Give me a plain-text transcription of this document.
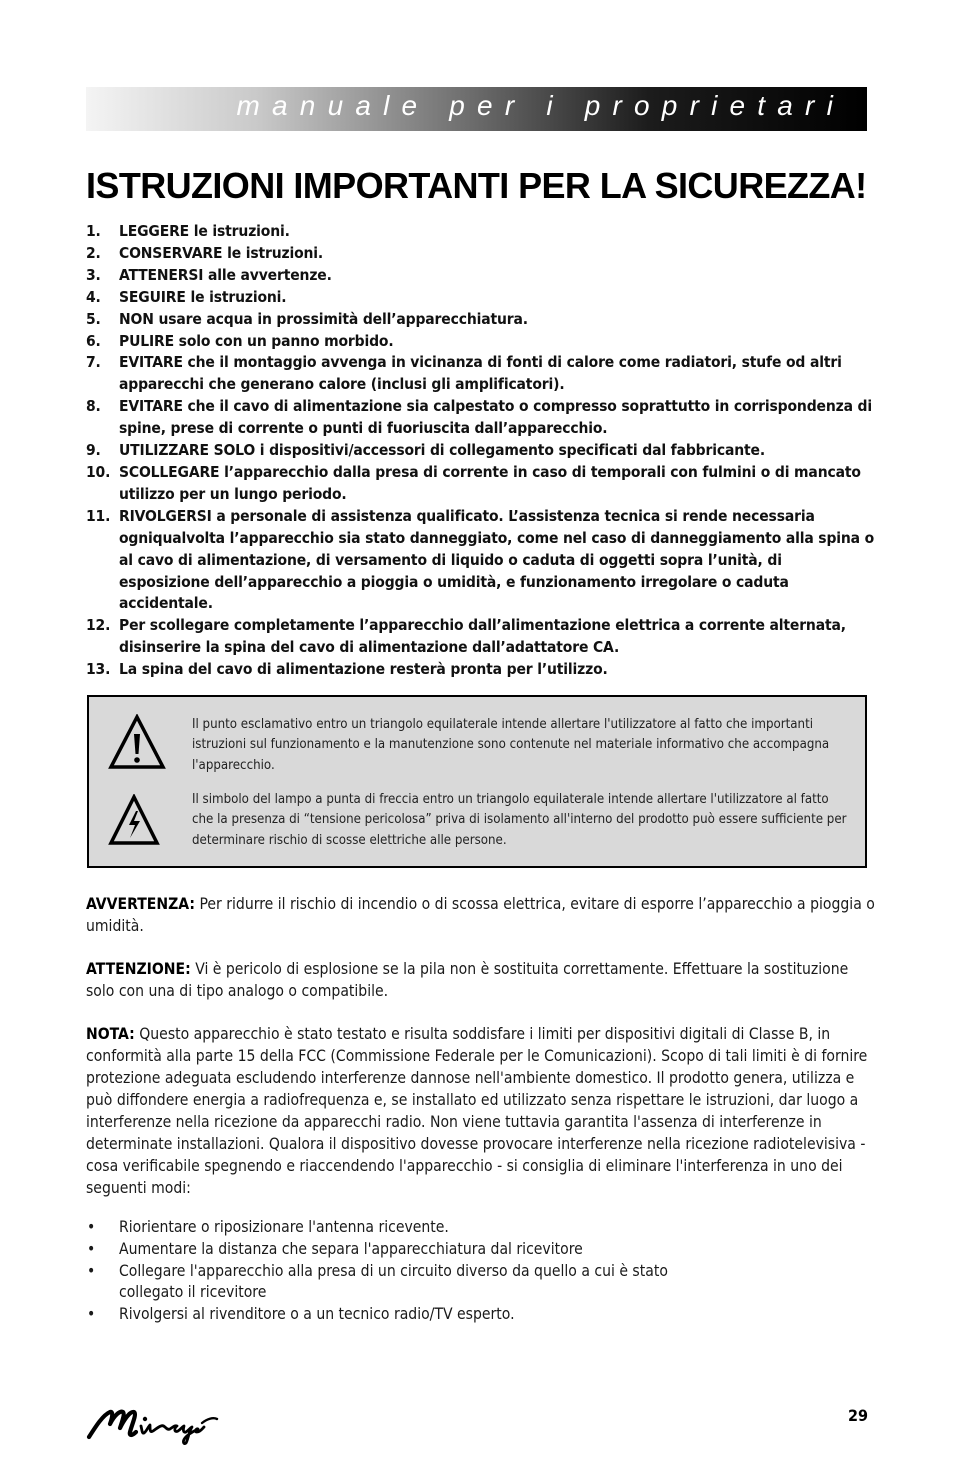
manuale per i proprietari
ISTRUZIONI IMPORTANTI PER LA SICUREZZA!
1. LEGGERE le istruzioni.
2. CONSERVARE le istruzioni.
3. ATTENERSI alle avvertenze.
4. SEGUIRE le istruzioni.
5. NON usare acqua in prossimità dell’apparecchiatura.
6. PULIRE solo con un panno morbido.
7. EVITARE che il montaggio avvenga in vicinanza di fonti di calore come radiatori, stufe od altri apparecchi che generano calore (inclusi gli amplificatori).
8. EVITARE che il cavo di alimentazione sia calpestato o compresso soprattutto in corrispondenza di spine, prese di corrente o punti di fuoriuscita dall’apparecchio.
9. UTILIZZARE SOLO i dispositivi/accessori di collegamento specificati dal fabbricante.
10. SCOLLEGARE l’apparecchio dalla presa di corrente in caso di temporali con fulmini o di mancato utilizzo per un lungo periodo.
11. RIVOLGERSI a personale di assistenza qualificato. L’assistenza tecnica si rende necessaria ogniqualvolta l’apparecchio sia stato danneggiato, come nel caso di danneggiamento alla spina o al cavo di alimentazione, di versamento di liquido o caduta di oggetti sopra l’unità, di esposizione dell’apparecchio a pioggia o umidità, e funzionamento irregolare o caduta accidentale.
12. Per scollegare completamente l’apparecchio dall’alimentazione elettrica a corrente alternata, disinserire la spina del cavo di alimentazione dall’adattatore CA.
13. La spina del cavo di alimentazione resterà pronta per l’utilizzo.
Il punto esclamativo entro un triangolo equilaterale intende allertare l'utilizzatore al fatto che importanti istruzioni sul funzionamento e la manutenzione sono contenute nel materiale informativo che accompagna l'apparecchio.
Il simbolo del lampo a punta di freccia entro un triangolo equilaterale intende allertare l'utilizzatore al fatto che la presenza di “tensione pericolosa” priva di isolamento all'interno del prodotto può essere sufficiente per determinare rischio di scosse elettriche alle persone.

AVVERTENZA: Per ridurre il rischio di incendio o di scossa elettrica, evitare di esporre l’apparecchio a pioggia o umidità.

ATTENZIONE: Vi è pericolo di esplosione se la pila non è sostituita correttamente. Effettuare la sostituzione solo con una di tipo analogo o compatibile.

NOTA: Questo apparecchio è stato testato e risulta soddisfare i limiti per dispositivi digitali di Classe B, in conformità alla parte 15 della FCC (Commissione Federale per le Comunicazioni). Scopo di tali limiti è di fornire protezione adeguata escludendo interferenze dannose nell'ambiente domestico. Il prodotto genera, utilizza e può diffondere energia a radiofrequenza e, se installato ed utilizzato senza rispettare le istruzioni, dar luogo a interferenze nella ricezione da apparecchi radio. Non viene tuttavia garantita l'assenza di interferenze in determinate installazioni. Qualora il dispositivo dovesse provocare interferenze nella ricezione radiotelevisiva - cosa verificabile spegnendo e riaccendendo l'apparecchio - si consiglia di eliminare l'interferenza in uno dei seguenti modi:

• Riorientare o riposizionare l'antenna ricevente.
• Aumentare la distanza che separa l'apparecchiatura dal ricevitore
• Collegare l'apparecchio alla presa di un circuito diverso da quello a cui è stato collegato il ricevitore
• Rivolgersi al rivenditore o a un tecnico radio/TV esperto.
29
